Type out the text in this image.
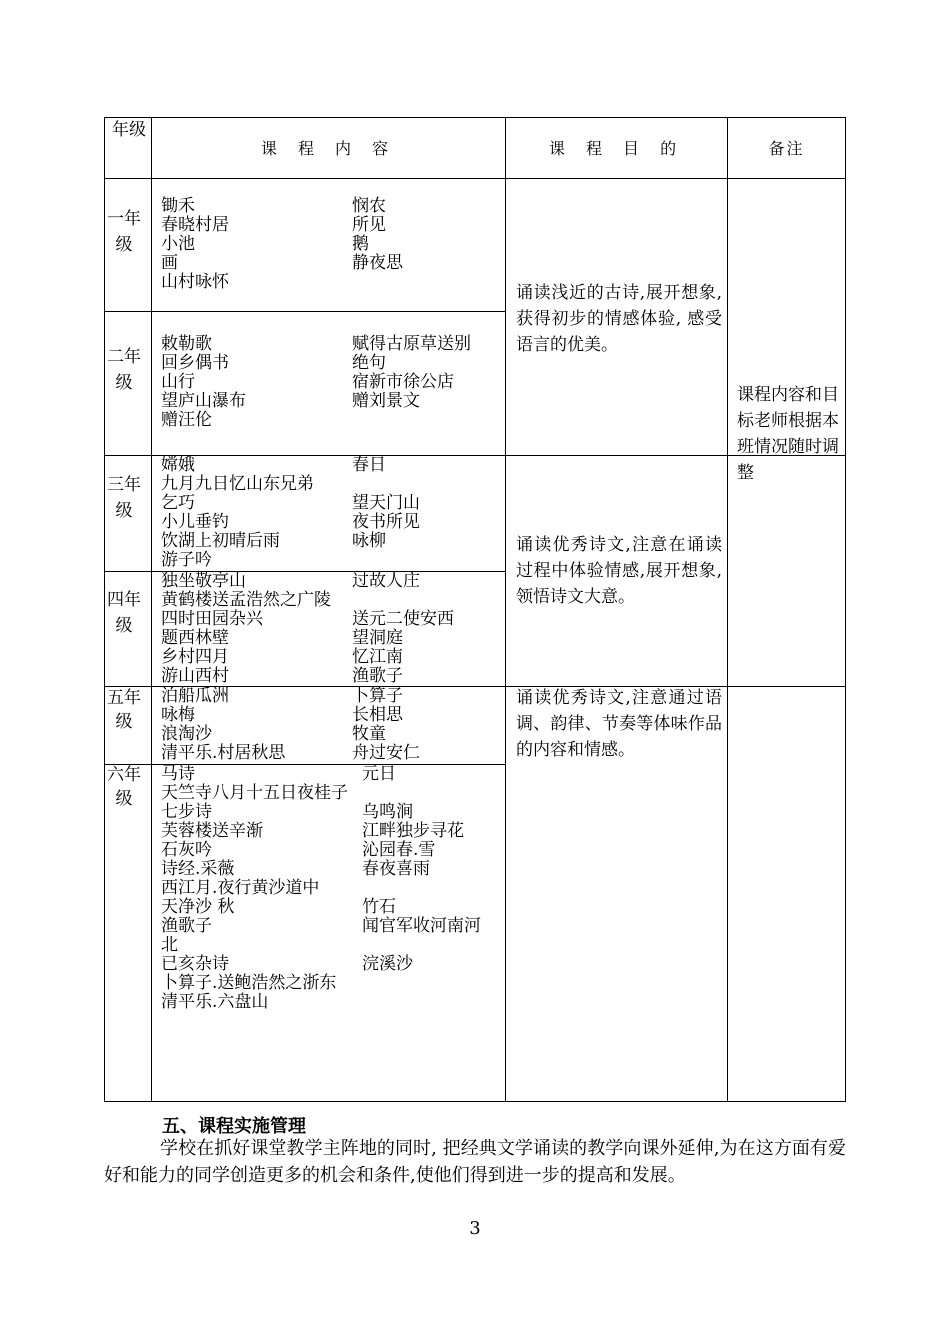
年级
课 程 内 容	课 程 目 的	备注
一年级
二年级
三年级
四年级
五年级
六年级
锄禾
春晓村居
小池
画
山村咏怀
悯农
所见
鹅
静夜思
敕勒歌
回乡偶书
山行
望庐山瀑布
赠汪伦
赋得古原草送别
绝句
宿新市徐公店
赠刘景文
嫦娥
九月九日忆山东兄弟
乞巧
小儿垂钓
饮湖上初晴后雨
游子吟
春日
望天门山
夜书所见
咏柳
独坐敬亭山
黄鹤楼送孟浩然之广陵
四时田园杂兴
题西林壁
乡村四月
游山西村
过故人庄
送元二使安西
望洞庭
忆江南
渔歌子
泊船瓜洲
咏梅
浪淘沙
清平乐.村居秋思
卜算子
长相思
牧童
舟过安仁
马诗
天竺寺八月十五日夜桂子
七步诗
芙蓉楼送辛渐
石灰吟
诗经.采薇
西江月.夜行黄沙道中
天净沙 秋
渔歌子
北
已亥杂诗
卜算子.送鲍浩然之浙东
清平乐.六盘山
元日
乌鸣涧
江畔独步寻花
沁园春.雪
春夜喜雨
竹石
闻官军收河南河
浣溪沙
诵读浅近的古诗,展开想象, 获得初步的情感体验, 感受语言的优美。
诵读优秀诗文,注意在诵读过程中体验情感,展开想象, 领悟诗文大意。
诵读优秀诗文,注意通过语调、韵律、节奏等体味作品的内容和情感。
课程内容和目标老师根据本班情况随时调整
五、课程实施管理
学校在抓好课堂教学主阵地的同时, 把经典文学诵读的教学向课外延伸,为在这方面有爱好和能力的同学创造更多的机会和条件,使他们得到进一步的提高和发展。
3
